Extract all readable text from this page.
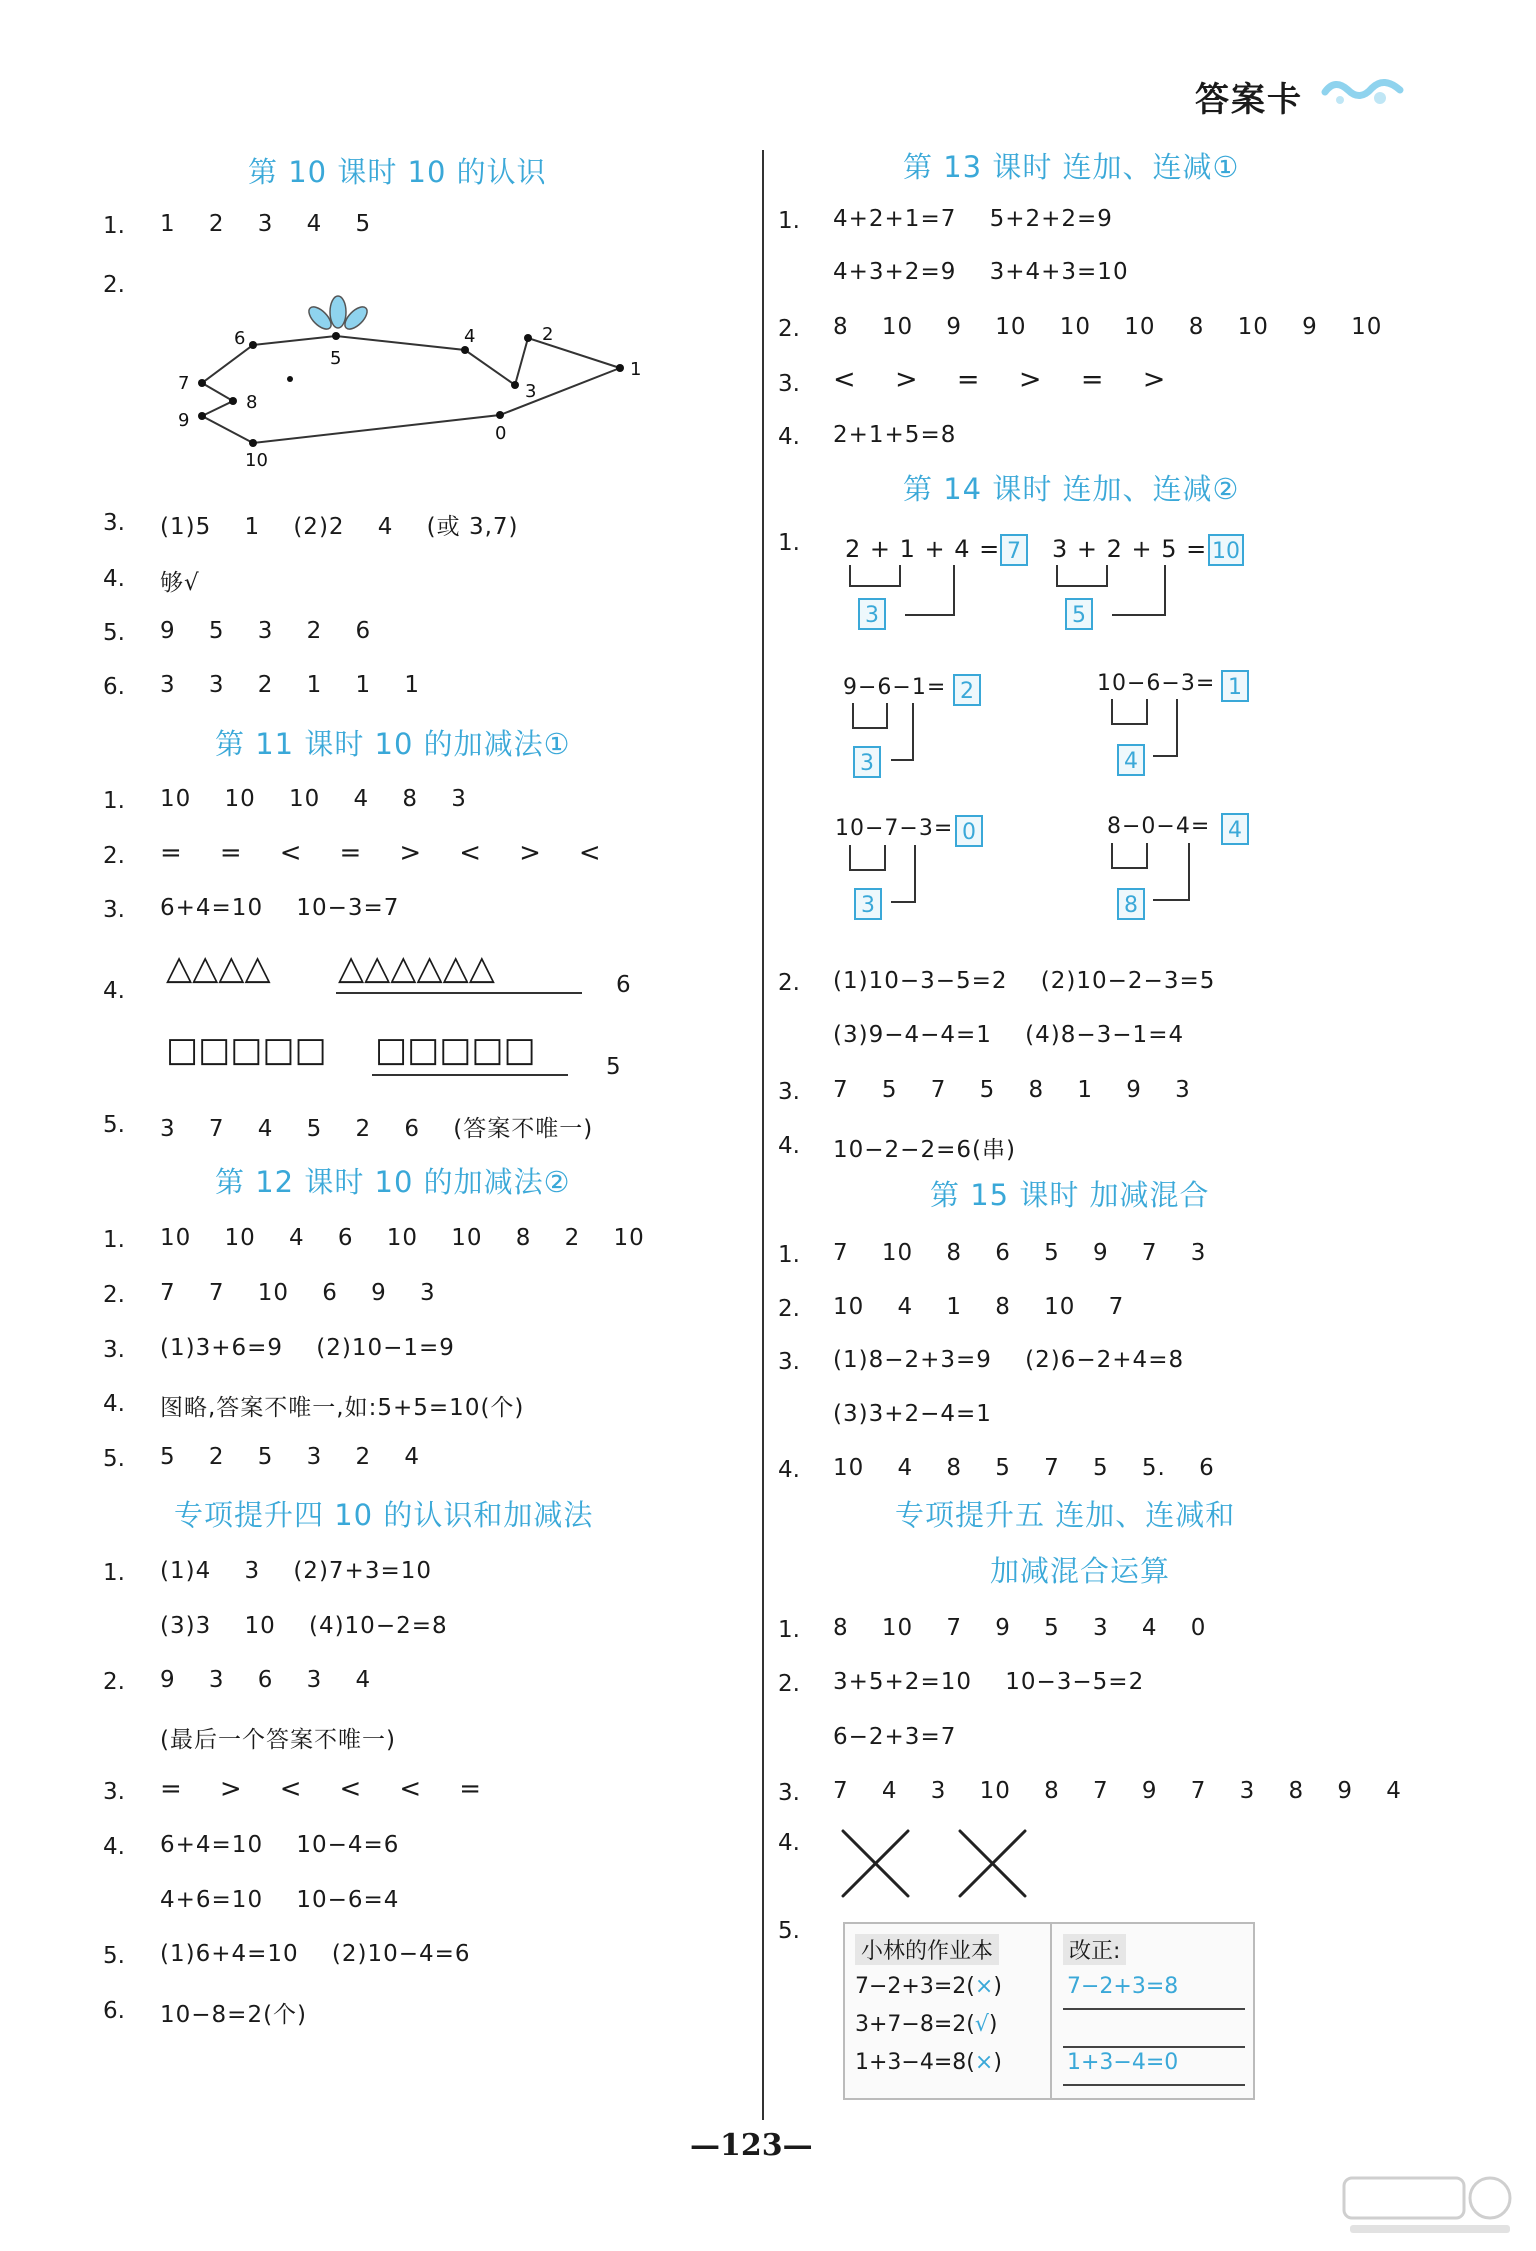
答案卡
第 10 课时 10 的认识
1. 1    2    3    4    5
2.
1
2
3
4
5
6
7
8
9
10
0
3. (1)5    1    (2)2    4    (或 3,7)
4. 够√
5. 9    5    3    2    6
6. 3    3    2    1    1    1
第 11 课时 10 的加减法①
1. 10    10    10    4    8    3
2. =    =    <    =    >    <    >    <
3. 6+4=10    10−3=7
4.
△△△△ △△△△△△	6
□□□□□ □□□□□	5
5. 3    7    4    5    2    6    (答案不唯一)
第 12 课时 10 的加减法②
1. 10    10    4    6    10    10    8    2    10
2. 7    7    10    6    9    3
3. (1)3+6=9    (2)10−1=9
4. 图略,答案不唯一,如:5+5=10(个)
5. 5    2    5    3    2    4
专项提升四 10 的认识和加减法
1. (1)4    3    (2)7+3=10
(3)3    10    (4)10−2=8
2. 9    3    6    3    4
(最后一个答案不唯一)
3. =    >    <    <    <    =
4. 6+4=10    10−4=6
4+6=10    10−6=4
5. (1)6+4=10    (2)10−4=6
6. 10−8=2(个)
第 13 课时 连加、连减①
1. 4+2+1=7    5+2+2=9
4+3+2=9    3+4+3=10
2. 8    10    9    10    10    10    8    10    9    10
3. <    >    =    >    =    >
4. 2+1+5=8
第 14 课时 连加、连减②
1. 2 + 1 + 4 = 7
3
3 + 2 + 5 = 10
5
9−6−1= 2
3
10−6−3= 1
4
10−7−3= 0
3
8−0−4= 4
8
2. (1)10−3−5=2    (2)10−2−3=5
(3)9−4−4=1    (4)8−3−1=4
3. 7    5    7    5    8    1    9    3
4. 10−2−2=6(串)
第 15 课时 加减混合
1. 7    10    8    6    5    9    7    3
2. 10    4    1    8    10    7
3. (1)8−2+3=9    (2)6−2+4=8
(3)3+2−4=1
4. 10    4    8    5    7    5    5.    6
专项提升五 连加、连减和
加减混合运算
1. 8    10    7    9    5    3    4    0
2. 3+5+2=10    10−3−5=2
6−2+3=7
3. 7    4    3    10    8    7    9    7    3    8    9    4
4.
5.
小林的作业本	改正:
7−2+3=2(×)	7−2+3=8
3+7−8=2(√)
1+3−4=8(×)	1+3−4=0
—123—
